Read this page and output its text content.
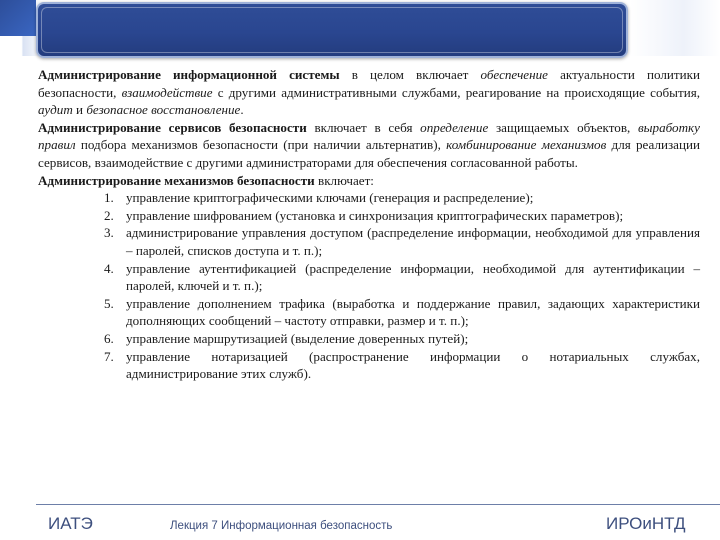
Администрирование информационной системы в целом включает обеспечение актуальности политики безопасности, взаимодействие с другими административными службами, реагирование на происходящие события, аудит и безопасное восстановление.

Администрирование сервисов безопасности включает в себя определение защищаемых объектов, выработку правил подбора механизмов безопасности (при наличии альтернатив), комбинирование механизмов для реализации сервисов, взаимодействие с другими администраторами для обеспечения согласованной работы.

Администрирование механизмов безопасности включает:

1. управление криптографическими ключами (генерация и распределение);
2. управление шифрованием (установка и синхронизация криптографических параметров);
3. администрирование управления доступом (распределение информации, необходимой для управления – паролей, списков доступа и т. п.);
4. управление аутентификацией (распределение информации, необходимой для аутентификации – паролей, ключей и т. п.);
5. управление дополнением трафика (выработка и поддержание правил, задающих характеристики дополняющих сообщений – частоту отправки, размер и т. п.);
6. управление маршрутизацией (выделение доверенных путей);
7. управление нотаризацией (распространение информации о нотариальных службах, администрирование этих служб).
ИАТЭ	Лекция 7 Информационная безопасность	ИРОиНТД
